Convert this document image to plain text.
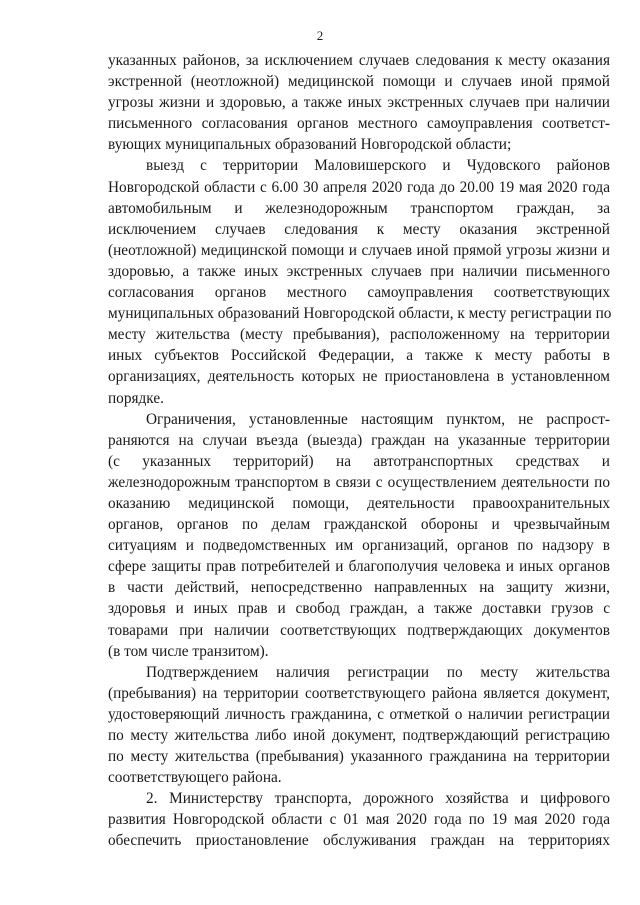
2
указанных районов, за исключением случаев следования к месту оказания
экстренной (неотложной) медицинской помощи и случаев иной прямой
угрозы жизни и здоровью, а также иных экстренных случаев при наличии
письменного согласования органов местного самоуправления соответст-
вующих муниципальных образований Новгородской области;
выезд с территории Маловишерского и Чудовского районов
Новгородской области с 6.00 30 апреля 2020 года до 20.00 19 мая 2020 года
автомобильным и железнодорожным транспортом граждан, за
исключением случаев следования к месту оказания экстренной
(неотложной) медицинской помощи и случаев иной прямой угрозы жизни и
здоровью, а также иных экстренных случаев при наличии письменного
согласования органов местного самоуправления соответствующих
муниципальных образований Новгородской области, к месту регистрации по
месту жительства (месту пребывания), расположенному на территории
иных субъектов Российской Федерации, а также к месту работы в
организациях, деятельность которых не приостановлена в установленном
порядке.
Ограничения, установленные настоящим пунктом, не распрост-
раняются на случаи въезда (выезда) граждан на указанные территории
(с указанных территорий) на автотранспортных средствах и
железнодорожным транспортом в связи с осуществлением деятельности по
оказанию медицинской помощи, деятельности правоохранительных
органов, органов по делам гражданской обороны и чрезвычайным
ситуациям и подведомственных им организаций, органов по надзору в
сфере защиты прав потребителей и благополучия человека и иных органов
в части действий, непосредственно направленных на защиту жизни,
здоровья и иных прав и свобод граждан, а также доставки грузов с
товарами при наличии соответствующих подтверждающих документов
(в том числе транзитом).
Подтверждением наличия регистрации по месту жительства
(пребывания) на территории соответствующего района является документ,
удостоверяющий личность гражданина, с отметкой о наличии регистрации
по месту жительства либо иной документ, подтверждающий регистрацию
по месту жительства (пребывания) указанного гражданина на территории
соответствующего района.
2. Министерству транспорта, дорожного хозяйства и цифрового
развития Новгородской области с 01 мая 2020 года по 19 мая 2020 года
обеспечить приостановление обслуживания граждан на территориях
